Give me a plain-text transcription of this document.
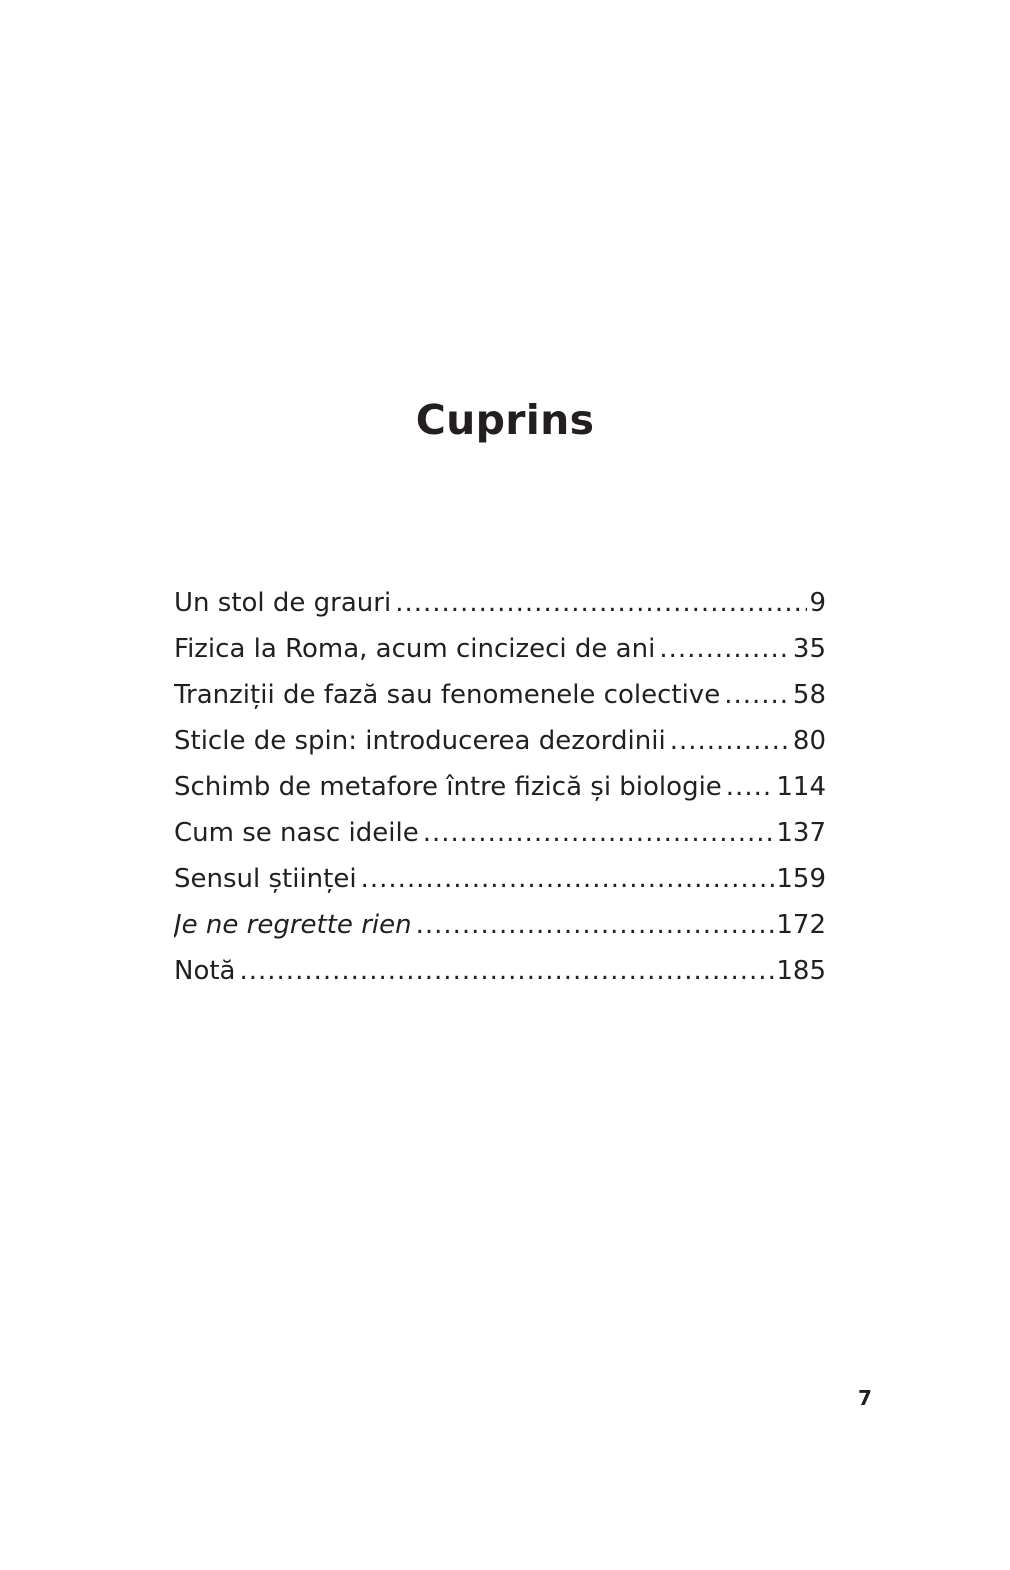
Cuprins
Un stol de grauri .....	9
Fizica la Roma, acum cincizeci de ani .....	35
Tranziții de fază sau fenomenele colective .....	58
Sticle de spin: introducerea dezordinii .....	80
Schimb de metafore între fizică și biologie ..... 114
Cum se nasc ideile .....	137
Sensul științei .....	159
Je ne regrette rien .....	172
Notă .....	185
7
